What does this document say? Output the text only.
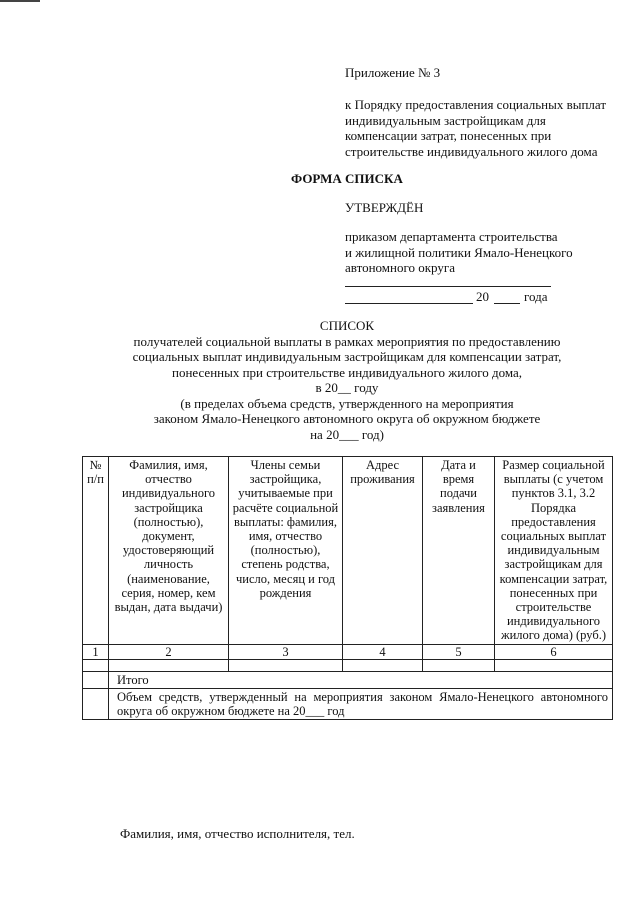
Приложение № 3
к Порядку предоставления социальных выплат
индивидуальным застройщикам для
компенсации затрат, понесенных при
строительстве индивидуального жилого дома
ФОРМА СПИСКА
УТВЕРЖДЁН
приказом департамента строительства
и жилищной политики Ямало-Ненецкого
автономного округа
20	года
СПИСОК
получателей социальной выплаты в рамках мероприятия по предоставлению
социальных выплат индивидуальным застройщикам для компенсации затрат,
понесенных при строительстве индивидуального жилого дома,
в 20__ году
(в пределах объема средств, утвержденного на мероприятия
законом Ямало-Ненецкого автономного округа об окружном бюджете
на 20___ год)
№ п/п	Фамилия, имя, отчество индивидуального застройщика (полностью), документ, удостоверяющий личность (наименование, серия, номер, кем выдан, дата выдачи)	Члены семьи застройщика, учитываемые при расчёте социальной выплаты: фамилия, имя, отчество (полностью), степень родства, число, месяц и год рождения	Адрес проживания	Дата и время подачи заявления	Размер социальной выплаты (с учетом пунктов 3.1, 3.2 Порядка предоставления социальных выплат индивидуальным застройщикам для компенсации затрат, понесенных при строительстве индивидуального жилого дома) (руб.)
1	2	3	4	5	6

	Итого				
	Объем средств, утвержденный на мероприятия законом Ямало-Ненецкого автономного округа об окружном бюджете на 20___ год				
Фамилия, имя, отчество исполнителя, тел.
